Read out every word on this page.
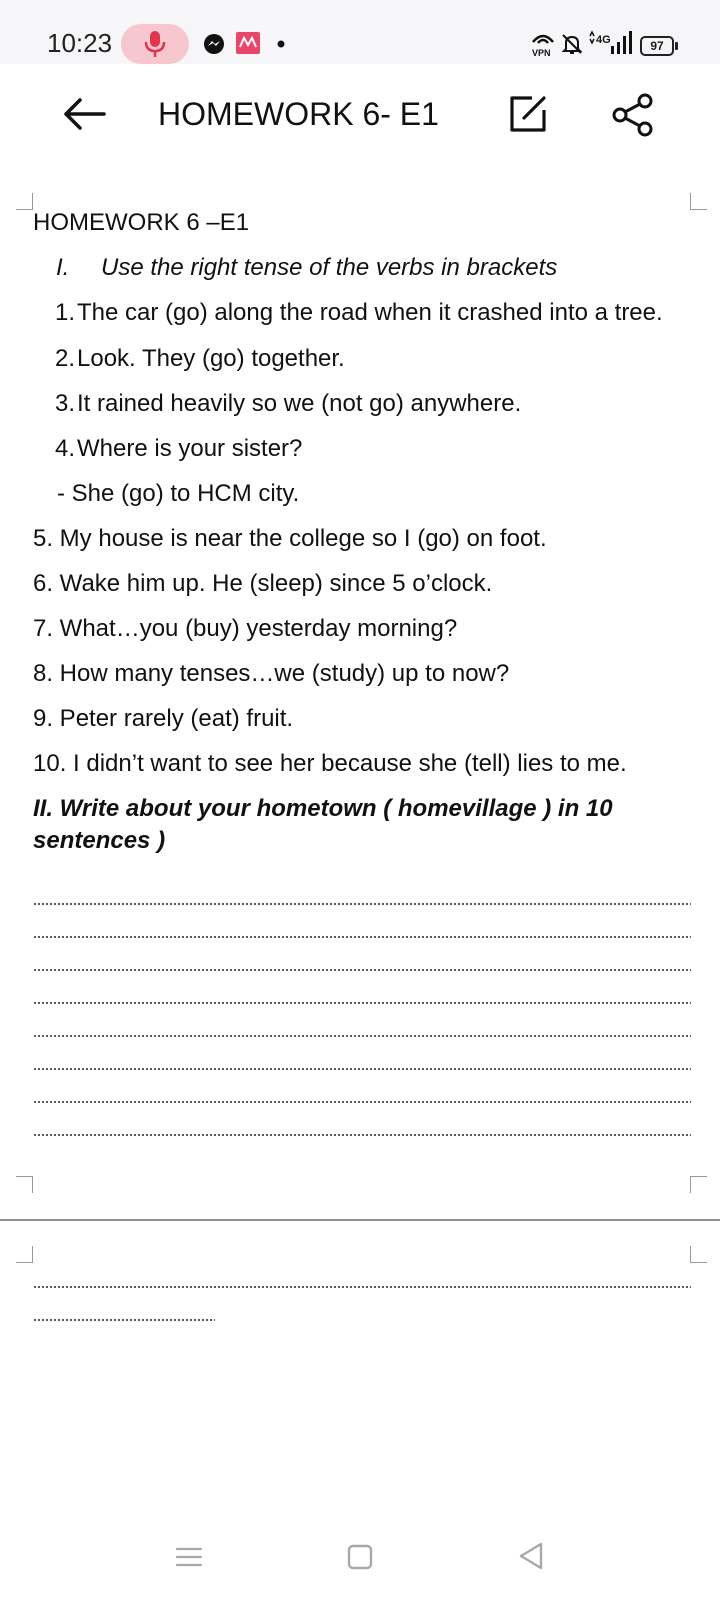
10:23	VPN
4G	97
HOMEWORK 6- E1
HOMEWORK 6 –E1
I. Use the right tense of the verbs in brackets
1.The car (go) along the road when it crashed into a tree.
2.Look. They (go) together.
3.It rained heavily so we (not go) anywhere.
4.Where is your sister?
- She (go) to HCM city.
5. My house is near the college so I (go) on foot.
6. Wake him up. He (sleep) since 5 o’clock.
7. What…you (buy) yesterday morning?
8. How many tenses…we (study) up to now?
9. Peter rarely (eat) fruit.
10. I didn’t want to see her because she (tell) lies to me.
II. Write about your hometown ( homevillage ) in 10
sentences )
